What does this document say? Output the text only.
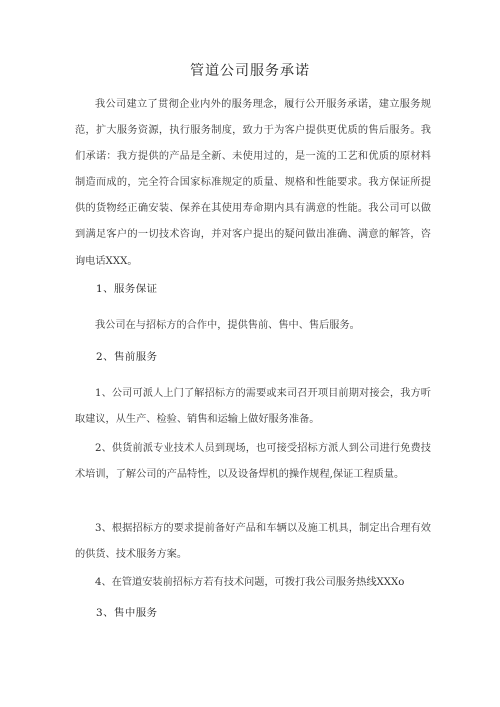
管道公司服务承诺
我公司建立了贯彻企业内外的服务理念，履行公开服务承诺，建立服务规范，扩大服务资源，执行服务制度，致力于为客户提供更优质的售后服务。我们承诺：我方提供的产品是全新、未使用过的，是一流的工艺和优质的原材料制造而成的，完全符合国家标准规定的质量、规格和性能要求。我方保证所提供的货物经正确安装、保养在其使用寿命期内具有满意的性能。我公司可以做到满足客户的一切技术咨询，并对客户提出的疑问做出准确、满意的解答，咨询电话XXX。
1、服务保证
我公司在与招标方的合作中，提供售前、售中、售后服务。
2、售前服务
1、公司可派人上门了解招标方的需要或来司召开项目前期对接会，我方听取建议，从生产、检验、销售和运输上做好服务准备。
2、供货前派专业技术人员到现场，也可接受招标方派人到公司进行免费技术培训，了解公司的产品特性，以及设备焊机的操作规程,保证工程质量。
3、根据招标方的要求提前备好产品和车辆以及施工机具，制定出合理有效的供货、技术服务方案。
4、在管道安装前招标方若有技术问题，可拨打我公司服务热线XXXo
3、售中服务
